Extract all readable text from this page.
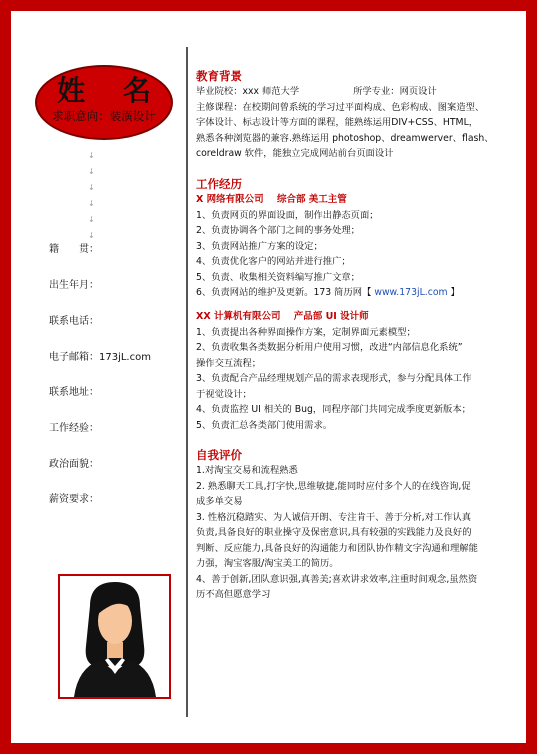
姓 名
求职意向：装潢设计
↓
↓
↓
↓
↓
↓
籍　　贯：
出生年月：
联系电话：
电子邮箱：173jL.com
联系地址：
工作经验：
政治面貌：
薪资要求：

教育背景

毕业院校：xxx 师范大学	所学专业：网页设计

主修课程：在校期间曾系统的学习过平面构成、色彩构成、图案造型、

字体设计、标志设计等方面的课程，能熟练运用DIV+CSS、HTML，

熟悉各种浏览器的兼容.熟练运用 photoshop、dreamwerver、flash、

coreldraw 软件，能独立完成网站前台页面设计

工作经历

X 网络有限公司 综合部 美工主管

1、负责网页的界面设面，制作出静态页面；

2、负责协调各个部门之间的事务处理；

3、负责网站推广方案的设定；

4、负责优化客户的网站并进行推广；

5、负责、收集相关资料编写推广文章；

6、负责网站的维护及更新。173 简历网【 www.173jL.com 】

XX 计算机有限公司 产品部 UI 设计师

1、负责提出各种界面操作方案，定制界面元素模型；

2、负责收集各类数据分析用户使用习惯，改进“内部信息化系统”

操作交互流程；

3、负责配合产品经理规划产品的需求表现形式，参与分配具体工作

于视觉设计；

4、负责监控 UI 相关的 Bug，同程序部门共同完成季度更新版本；

5、负责汇总各类部门使用需求。

自我评价

1.对淘宝交易和流程熟悉

2. 熟悉聊天工具,打字快,思维敏捷,能同时应付多个人的在线咨询,促

成多单交易

3. 性格沉稳踏实、为人诚信开朗、专注肯干、善于分析,对工作认真

负责,具备良好的职业操守及保密意识,具有较强的实践能力及良好的

判断、反应能力,具备良好的沟通能力和团队协作精文字沟通和理解能

力强，淘宝客服/淘宝美工的简历。

4、善于创新,团队意识强,真善美;喜欢讲求效率,注重时间观念,虽然资

历不高但愿意学习
